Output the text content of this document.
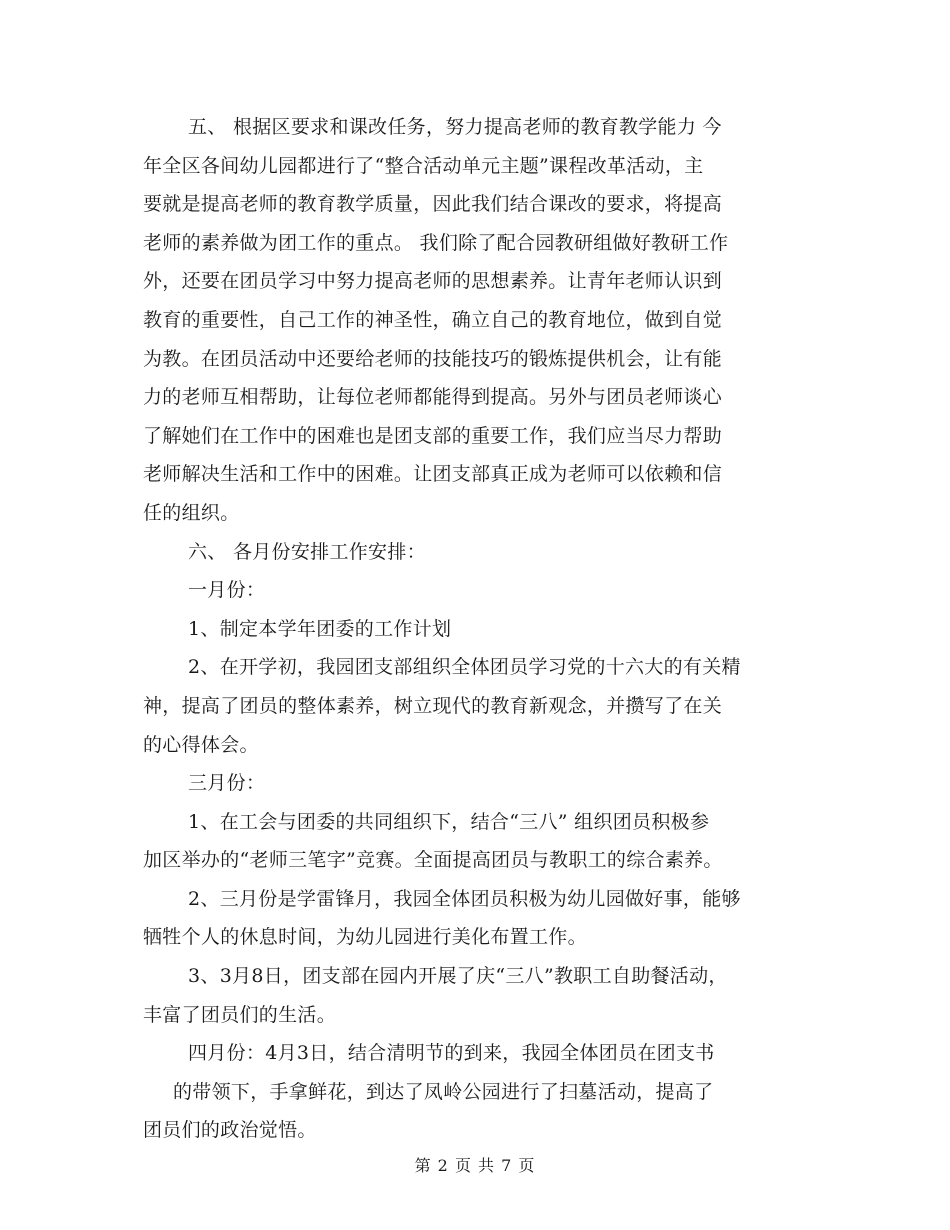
五、 根据区要求和课改任务，努力提高老师的教育教学能力 今
年全区各间幼儿园都进行了“整合活动单元主题”课程改革活动，主
要就是提高老师的教育教学质量，因此我们结合课改的要求，将提高
老师的素养做为团工作的重点。 我们除了配合园教研组做好教研工作
外，还要在团员学习中努力提高老师的思想素养。让青年老师认识到
教育的重要性，自己工作的神圣性，确立自己的教育地位，做到自觉
为教。在团员活动中还要给老师的技能技巧的锻炼提供机会，让有能
力的老师互相帮助，让每位老师都能得到提高。另外与团员老师谈心
了解她们在工作中的困难也是团支部的重要工作，我们应当尽力帮助
老师解决生活和工作中的困难。让团支部真正成为老师可以依赖和信
任的组织。
六、 各月份安排工作安排：
一月份：
1、制定本学年团委的工作计划
2、在开学初，我园团支部组织全体团员学习党的十六大的有关精
神，提高了团员的整体素养，树立现代的教育新观念，并攒写了在关
的心得体会。
三月份：
1、在工会与团委的共同组织下，结合“三八” 组织团员积极参
加区举办的“老师三笔字”竞赛。全面提高团员与教职工的综合素养。
2、三月份是学雷锋月，我园全体团员积极为幼儿园做好事，能够
牺牲个人的休息时间，为幼儿园进行美化布置工作。
3、3月8日，团支部在园内开展了庆“三八”教职工自助餐活动，
丰富了团员们的生活。
四月份：4月3日，结合清明节的到来，我园全体团员在团支书
的带领下，手拿鲜花，到达了凤岭公园进行了扫墓活动，提高了
团员们的政治觉悟。
第 2 页 共 7 页
